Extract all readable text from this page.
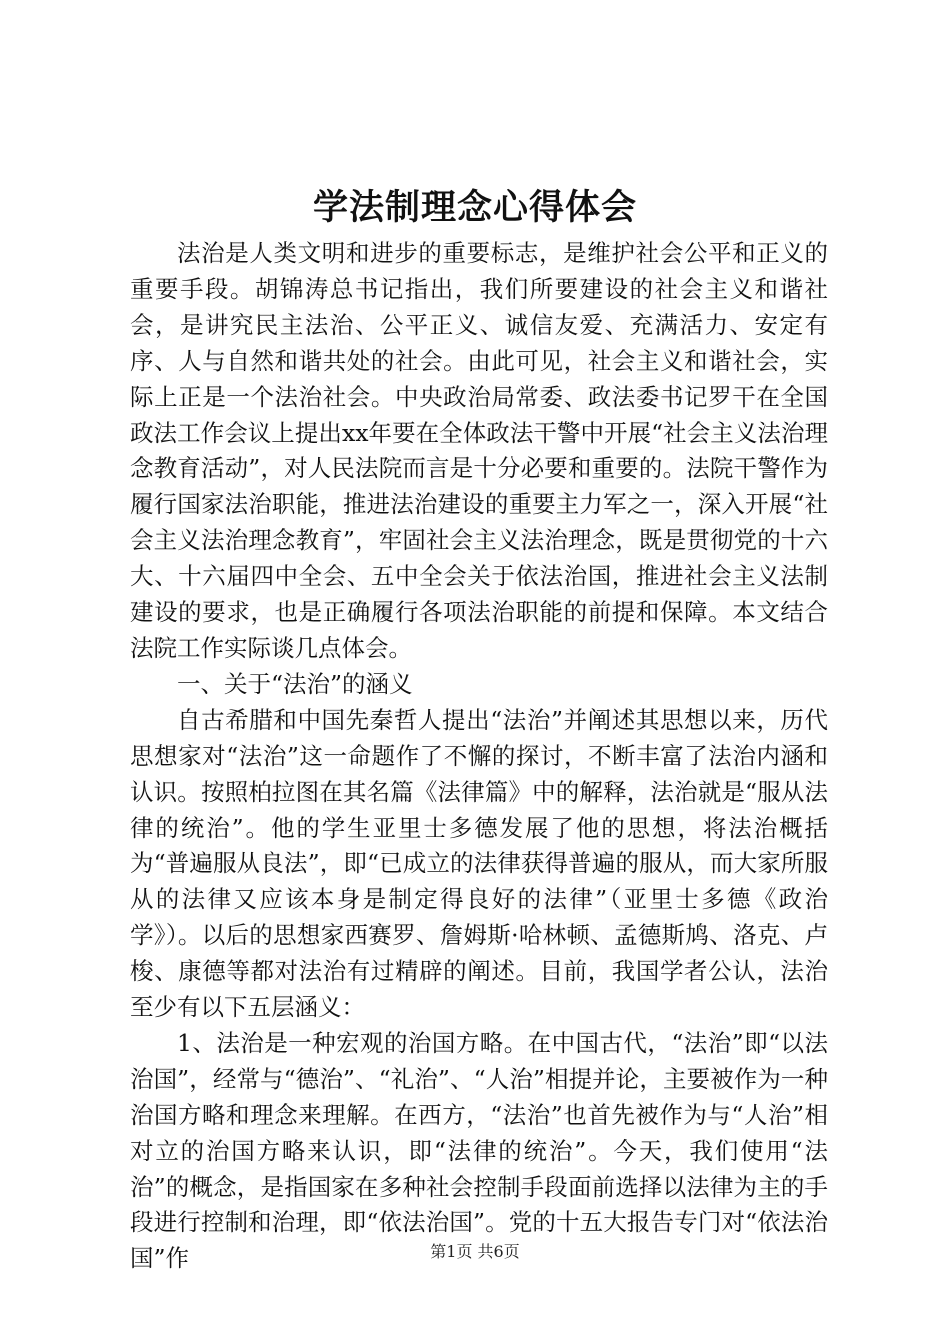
学法制理念心得体会

法治是人类文明和进步的重要标志，是维护社会公平和正义的重要手段。胡锦涛总书记指出，我们所要建设的社会主义和谐社会，是讲究民主法治、公平正义、诚信友爱、充满活力、安定有序、人与自然和谐共处的社会。由此可见，社会主义和谐社会，实际上正是一个法治社会。中央政治局常委、政法委书记罗干在全国政法工作会议上提出xx年要在全体政法干警中开展“社会主义法治理念教育活动”，对人民法院而言是十分必要和重要的。法院干警作为履行国家法治职能，推进法治建设的重要主力军之一，深入开展“社会主义法治理念教育”，牢固社会主义法治理念，既是贯彻党的十六大、十六届四中全会、五中全会关于依法治国，推进社会主义法制建设的要求，也是正确履行各项法治职能的前提和保障。本文结合法院工作实际谈几点体会。

一、关于“法治”的涵义

自古希腊和中国先秦哲人提出“法治”并阐述其思想以来，历代思想家对“法治”这一命题作了不懈的探讨，不断丰富了法治内涵和认识。按照柏拉图在其名篇《法律篇》中的解释，法治就是“服从法律的统治”。他的学生亚里士多德发展了他的思想，将法治概括为“普遍服从良法”，即“已成立的法律获得普遍的服从，而大家所服从的法律又应该本身是制定得良好的法律”（亚里士多德《政治学》）。以后的思想家西赛罗、詹姆斯·哈林顿、孟德斯鸠、洛克、卢梭、康德等都对法治有过精辟的阐述。目前，我国学者公认，法治至少有以下五层涵义：

1、法治是一种宏观的治国方略。在中国古代，“法治”即“以法治国”，经常与“德治”、“礼治”、“人治”相提并论，主要被作为一种治国方略和理念来理解。在西方，“法治”也首先被作为与“人治”相对立的治国方略来认识，即“法律的统治”。今天，我们使用“法治”的概念，是指国家在多种社会控制手段面前选择以法律为主的手段进行控制和治理，即“依法治国”。党的十五大报告专门对“依法治国”作	第1页 共6页
